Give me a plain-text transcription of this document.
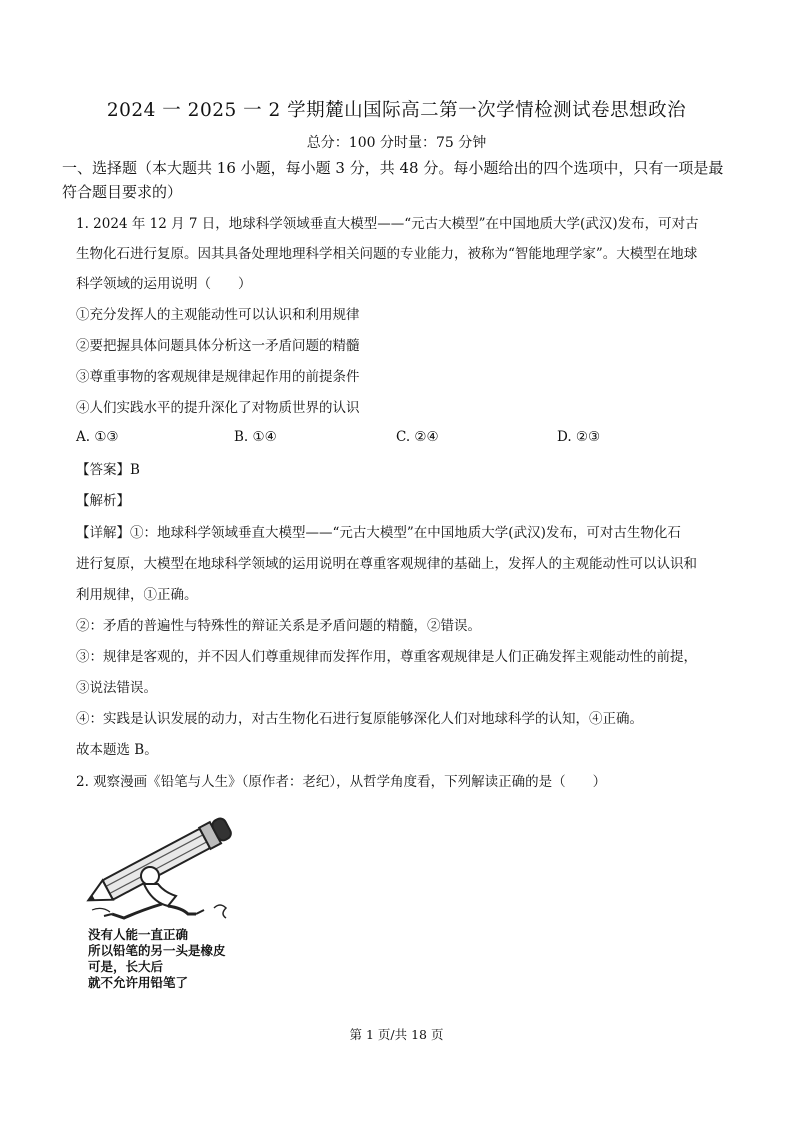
2024 一 2025 一 2 学期麓山国际高二第一次学情检测试卷思想政治
总分：100 分时量：75 分钟
一、选择题（本大题共 16 小题，每小题 3 分，共 48 分。每小题给出的四个选项中，只有一项是最符合题目要求的）
1. 2024 年 12 月 7 日，地球科学领域垂直大模型——“元古大模型”在中国地质大学(武汉)发布，可对古
生物化石进行复原。因其具备处理地理科学相关问题的专业能力，被称为“智能地理学家”。大模型在地球
科学领域的运用说明（　　）
①充分发挥人的主观能动性可以认识和利用规律
②要把握具体问题具体分析这一矛盾问题的精髓
③尊重事物的客观规律是规律起作用的前提条件
④人们实践水平的提升深化了对物质世界的认识
A. ①③	B. ①④	C. ②④	D. ②③
【答案】B
【解析】
【详解】①：地球科学领域垂直大模型——“元古大模型”在中国地质大学(武汉)发布，可对古生物化石
进行复原，大模型在地球科学领域的运用说明在尊重客观规律的基础上，发挥人的主观能动性可以认识和
利用规律，①正确。
②：矛盾的普遍性与特殊性的辩证关系是矛盾问题的精髓，②错误。
③：规律是客观的，并不因人们尊重规律而发挥作用，尊重客观规律是人们正确发挥主观能动性的前提，
③说法错误。
④：实践是认识发展的动力，对古生物化石进行复原能够深化人们对地球科学的认知，④正确。
故本题选 B。
2. 观察漫画《铅笔与人生》（原作者：老纪），从哲学角度看，下列解读正确的是（　　）
没有人能一直正确
所以铅笔的另一头是橡皮
可是，长大后
就不允许用铅笔了
第 1 页/共 18 页
